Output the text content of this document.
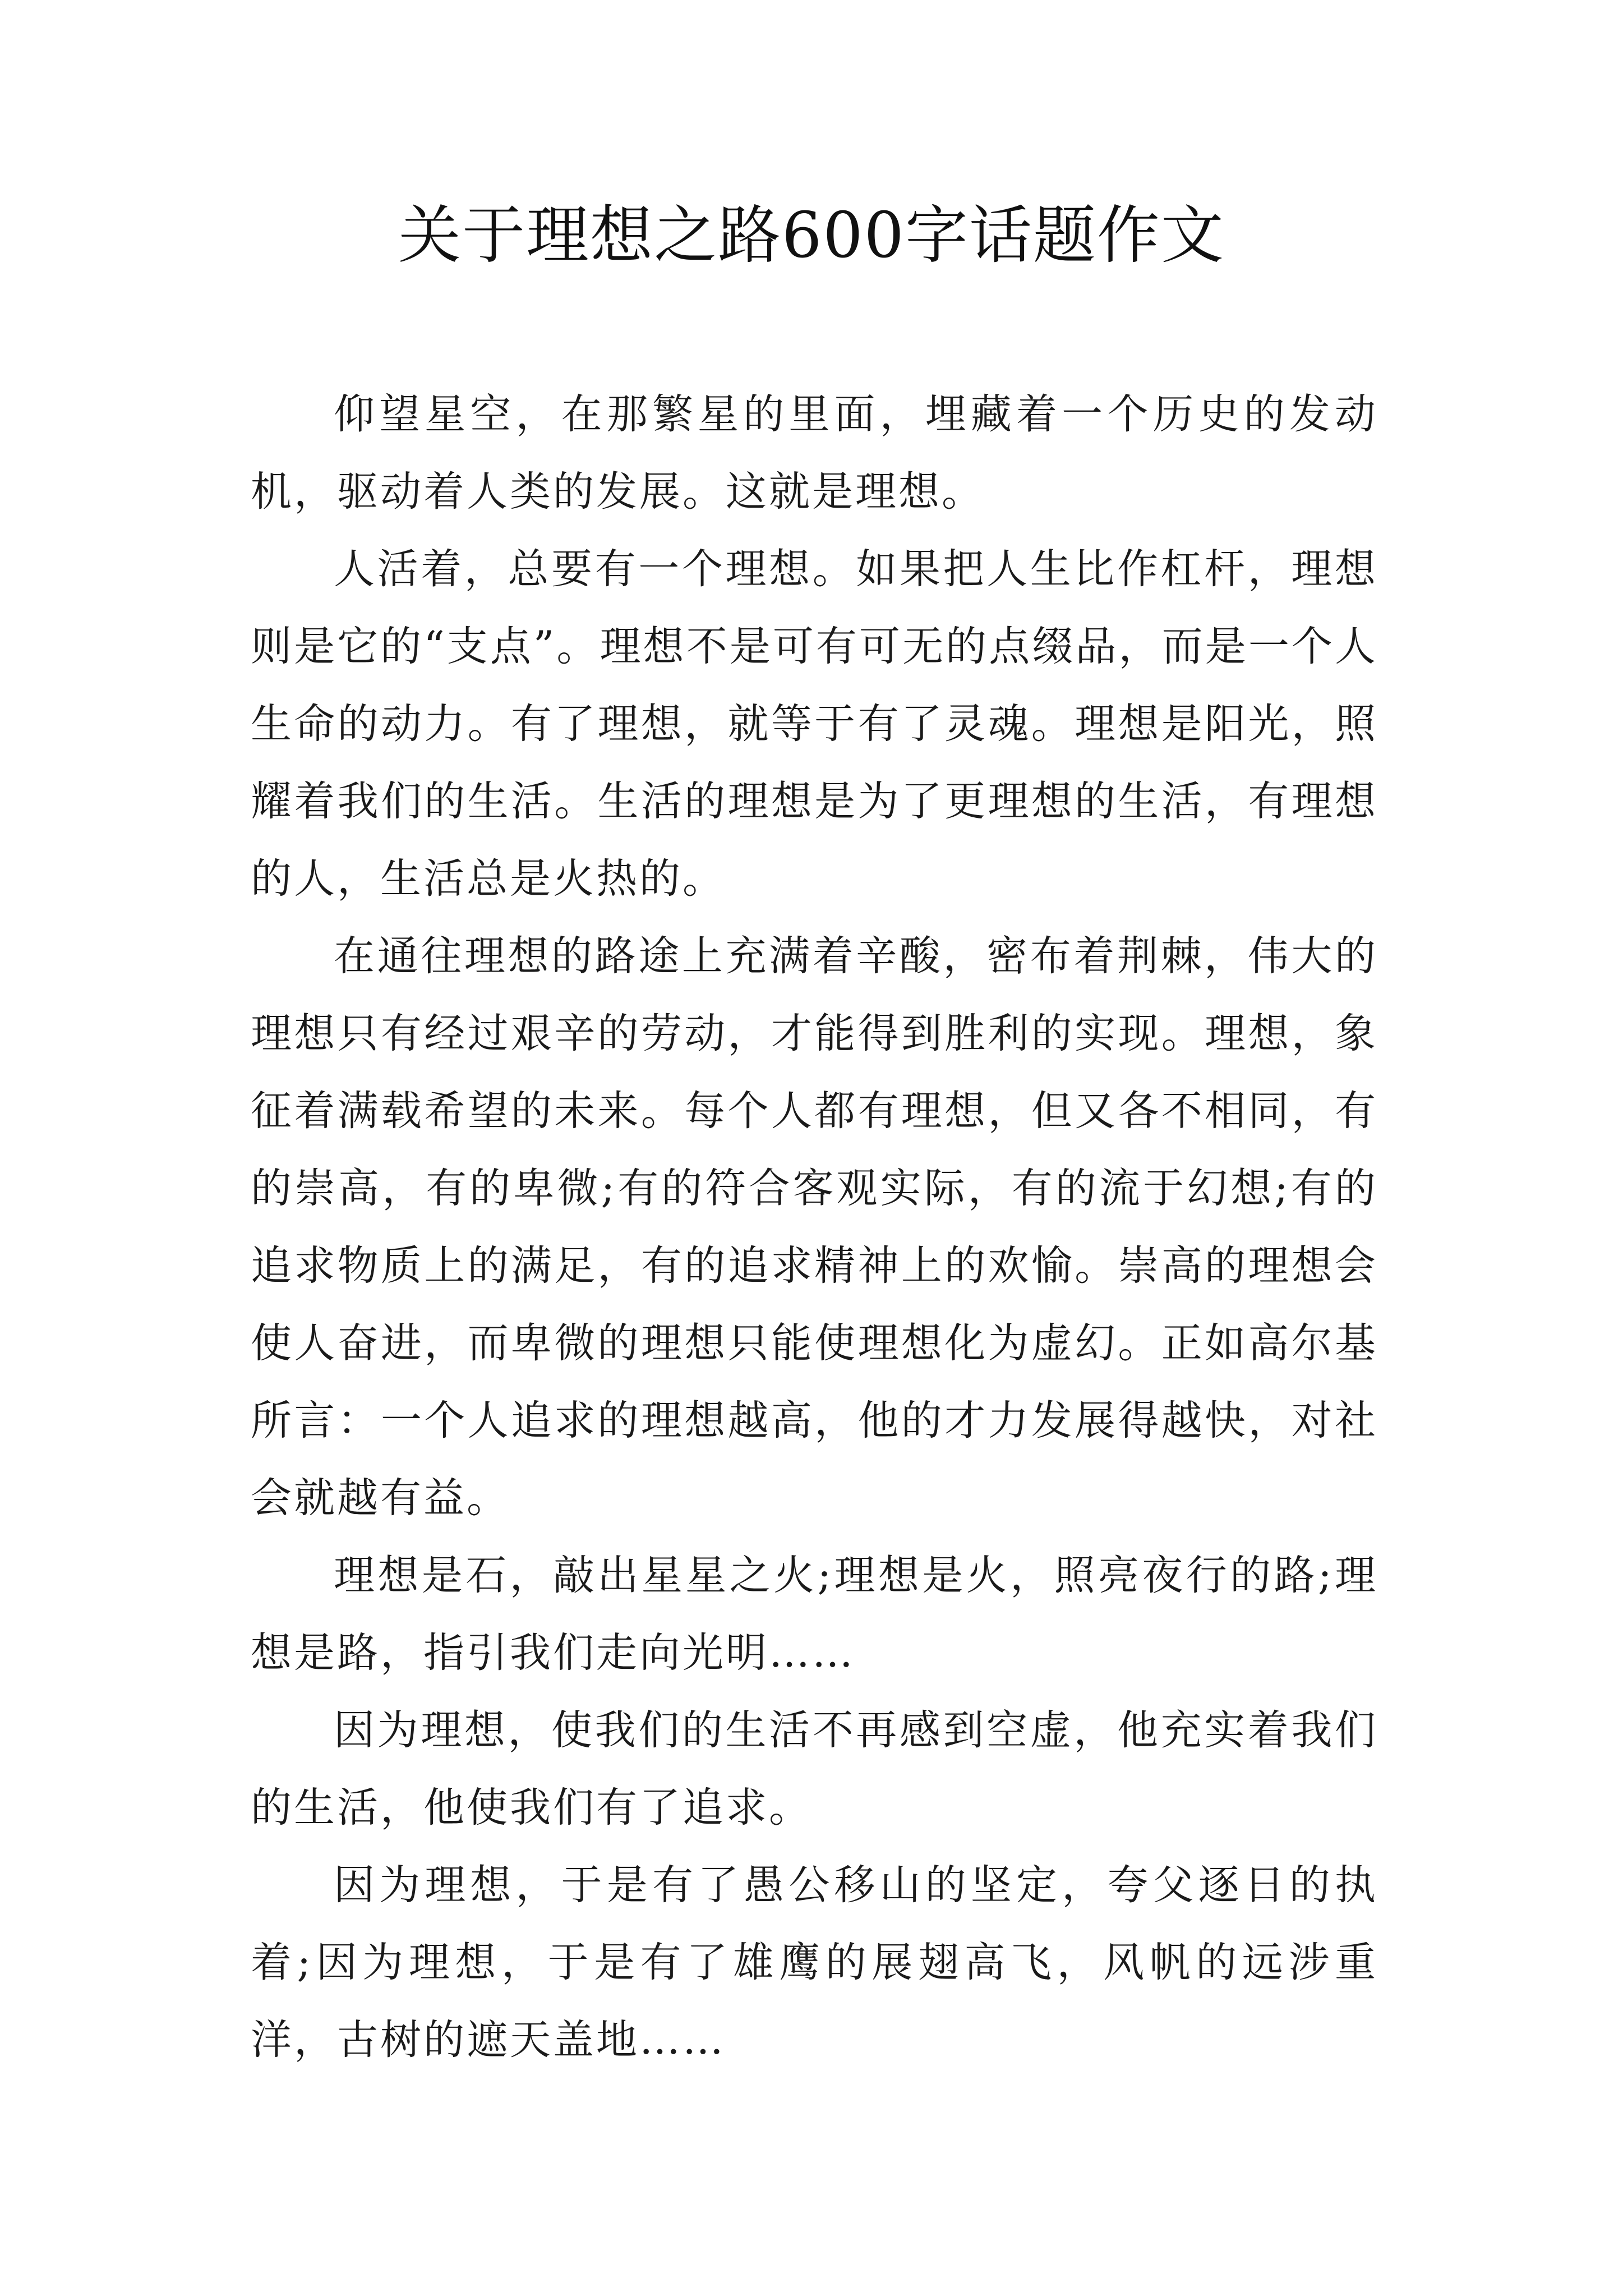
关于理想之路600字话题作文

仰望星空，在那繁星的里面，埋藏着一个历史的发动机，驱动着人类的发展。这就是理想。

人活着，总要有一个理想。如果把人生比作杠杆，理想则是它的“支点”。理想不是可有可无的点缀品，而是一个人生命的动力。有了理想，就等于有了灵魂。理想是阳光，照耀着我们的生活。生活的理想是为了更理想的生活，有理想的人，生活总是火热的。

在通往理想的路途上充满着辛酸，密布着荆棘，伟大的理想只有经过艰辛的劳动，才能得到胜利的实现。理想，象征着满载希望的未来。每个人都有理想，但又各不相同，有的崇高，有的卑微;有的符合客观实际，有的流于幻想;有的追求物质上的满足，有的追求精神上的欢愉。崇高的理想会使人奋进，而卑微的理想只能使理想化为虚幻。正如高尔基所言：一个人追求的理想越高，他的才力发展得越快，对社会就越有益。

理想是石，敲出星星之火;理想是火，照亮夜行的路;理想是路，指引我们走向光明……

因为理想，使我们的生活不再感到空虚，他充实着我们的生活，他使我们有了追求。

因为理想，于是有了愚公移山的坚定，夸父逐日的执着;因为理想，于是有了雄鹰的展翅高飞，风帆的远涉重洋，古树的遮天盖地……
